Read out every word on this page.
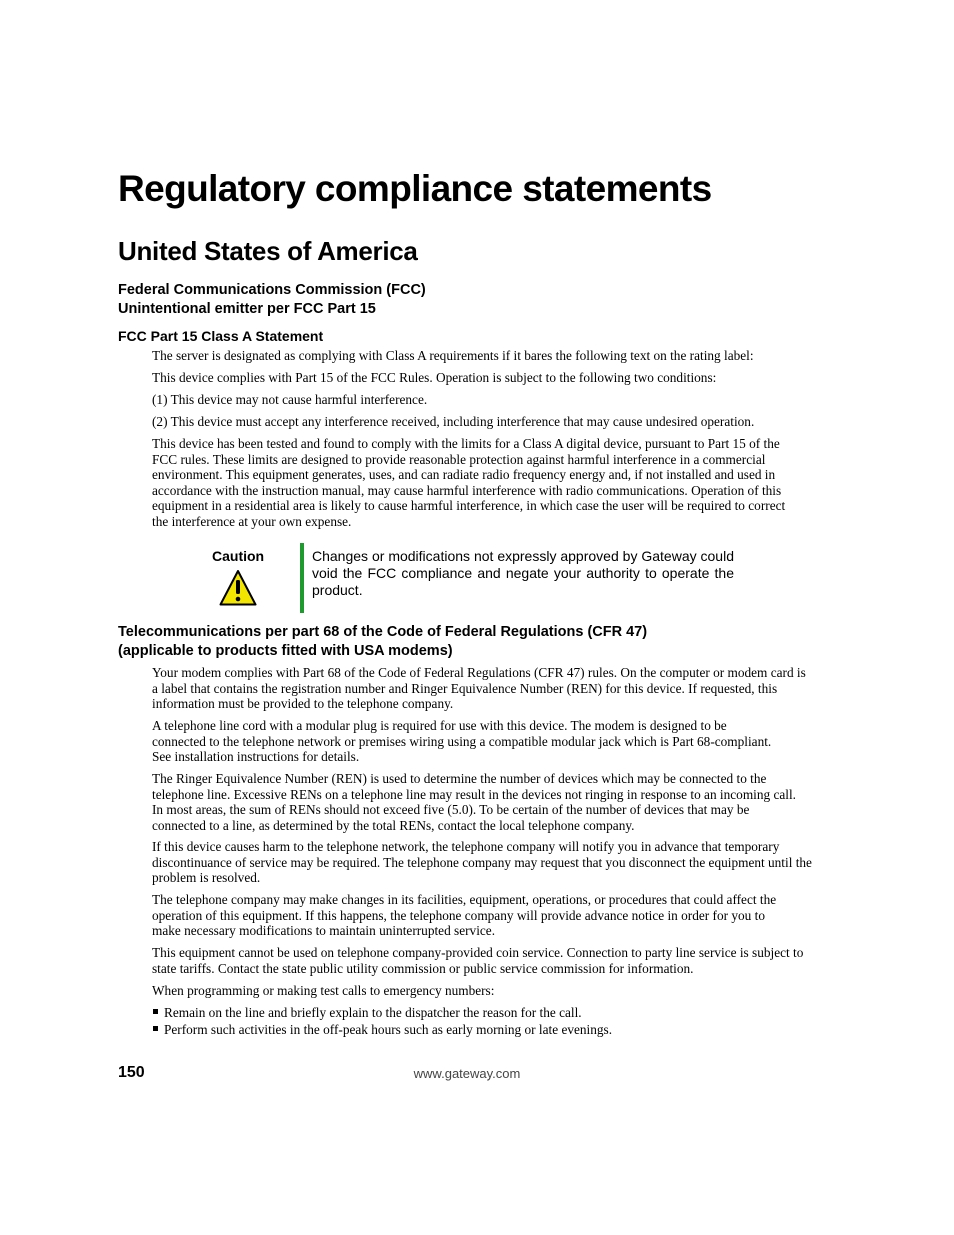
Regulatory compliance statements
United States of America
Federal Communications Commission (FCC)
Unintentional emitter per FCC Part 15
FCC Part 15 Class A Statement

The server is designated as complying with Class A requirements if it bares the following text on the rating label:

This device complies with Part 15 of the FCC Rules. Operation is subject to the following two conditions:

(1) This device may not cause harmful interference.

(2) This device must accept any interference received, including interference that may cause undesired operation.

This device has been tested and found to comply with the limits for a Class A digital device, pursuant to Part 15 of the FCC rules. These limits are designed to provide reasonable protection against harmful interference in a commercial environment. This equipment generates, uses, and can radiate radio frequency energy and, if not installed and used in accordance with the instruction manual, may cause harmful interference with radio communications. Operation of this equipment in a residential area is likely to cause harmful interference, in which case the user will be required to correct the interference at your own expense.

Caution	Changes or modifications not expressly approved by Gateway could void the FCC compliance and negate your authority to operate the product.

Telecommunications per part 68 of the Code of Federal Regulations (CFR 47)
(applicable to products fitted with USA modems)

Your modem complies with Part 68 of the Code of Federal Regulations (CFR 47) rules. On the computer or modem card is a label that contains the registration number and Ringer Equivalence Number (REN) for this device. If requested, this information must be provided to the telephone company.

A telephone line cord with a modular plug is required for use with this device. The modem is designed to be connected to the telephone network or premises wiring using a compatible modular jack which is Part 68-compliant. See installation instructions for details.

The Ringer Equivalence Number (REN) is used to determine the number of devices which may be connected to the telephone line. Excessive RENs on a telephone line may result in the devices not ringing in response to an incoming call. In most areas, the sum of RENs should not exceed five (5.0). To be certain of the number of devices that may be connected to a line, as determined by the total RENs, contact the local telephone company.

If this device causes harm to the telephone network, the telephone company will notify you in advance that temporary discontinuance of service may be required. The telephone company may request that you disconnect the equipment until the problem is resolved.

The telephone company may make changes in its facilities, equipment, operations, or procedures that could affect the operation of this equipment. If this happens, the telephone company will provide advance notice in order for you to make necessary modifications to maintain uninterrupted service.

This equipment cannot be used on telephone company-provided coin service. Connection to party line service is subject to state tariffs. Contact the state public utility commission or public service commission for information.

When programming or making test calls to emergency numbers:

Remain on the line and briefly explain to the dispatcher the reason for the call.
Perform such activities in the off-peak hours such as early morning or late evenings.
150	www.gateway.com
